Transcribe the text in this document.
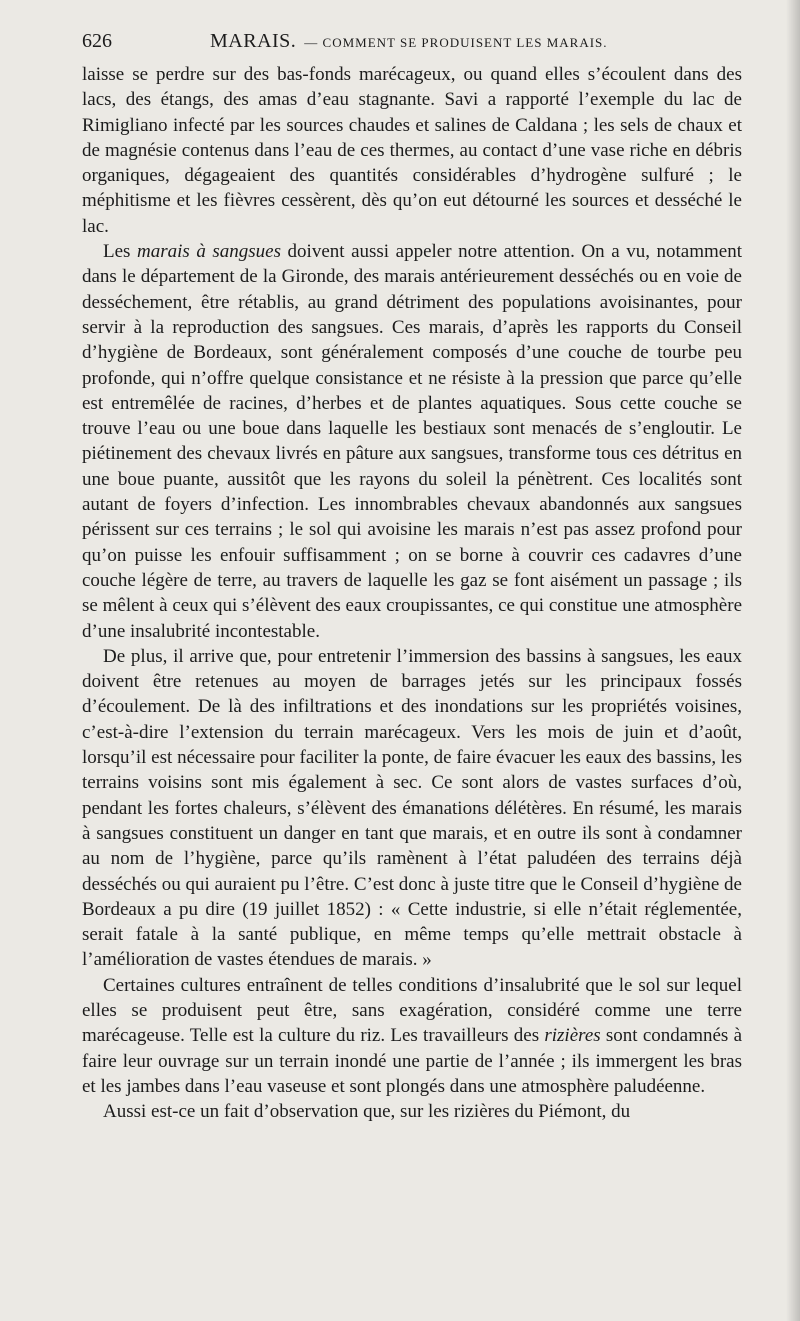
626	MARAIS. — COMMENT SE PRODUISENT LES MARAIS.

laisse se perdre sur des bas-fonds marécageux, ou quand elles s’écoulent dans des lacs, des étangs, des amas d’eau stagnante. Savi a rapporté l’exemple du lac de Rimigliano infecté par les sources chaudes et salines de Caldana ; les sels de chaux et de magnésie contenus dans l’eau de ces thermes, au contact d’une vase riche en débris organiques, dégageaient des quantités considérables d’hydrogène sulfuré ; le méphitisme et les fièvres cessèrent, dès qu’on eut détourné les sources et desséché le lac.

Les marais à sangsues doivent aussi appeler notre attention. On a vu, notamment dans le département de la Gironde, des marais antérieurement desséchés ou en voie de desséchement, être rétablis, au grand détriment des populations avoisinantes, pour servir à la reproduction des sangsues. Ces marais, d’après les rapports du Conseil d’hygiène de Bordeaux, sont généralement composés d’une couche de tourbe peu profonde, qui n’offre quelque consistance et ne résiste à la pression que parce qu’elle est entremêlée de racines, d’herbes et de plantes aquatiques. Sous cette couche se trouve l’eau ou une boue dans laquelle les bestiaux sont menacés de s’engloutir. Le piétinement des chevaux livrés en pâture aux sangsues, transforme tous ces détritus en une boue puante, aussitôt que les rayons du soleil la pénètrent. Ces localités sont autant de foyers d’infection. Les innombrables chevaux abandonnés aux sangsues périssent sur ces terrains ; le sol qui avoisine les marais n’est pas assez profond pour qu’on puisse les enfouir suffisamment ; on se borne à couvrir ces cadavres d’une couche légère de terre, au travers de laquelle les gaz se font aisément un passage ; ils se mêlent à ceux qui s’élèvent des eaux croupissantes, ce qui constitue une atmosphère d’une insalubrité incontestable.

De plus, il arrive que, pour entretenir l’immersion des bassins à sangsues, les eaux doivent être retenues au moyen de barrages jetés sur les principaux fossés d’écoulement. De là des infiltrations et des inondations sur les propriétés voisines, c’est-à-dire l’extension du terrain marécageux. Vers les mois de juin et d’août, lorsqu’il est nécessaire pour faciliter la ponte, de faire évacuer les eaux des bassins, les terrains voisins sont mis également à sec. Ce sont alors de vastes surfaces d’où, pendant les fortes chaleurs, s’élèvent des émanations délétères. En résumé, les marais à sangsues constituent un danger en tant que marais, et en outre ils sont à condamner au nom de l’hygiène, parce qu’ils ramènent à l’état paludéen des terrains déjà desséchés ou qui auraient pu l’être. C’est donc à juste titre que le Conseil d’hygiène de Bordeaux a pu dire (19 juillet 1852) : « Cette industrie, si elle n’était réglementée, serait fatale à la santé publique, en même temps qu’elle mettrait obstacle à l’amélioration de vastes étendues de marais. »

Certaines cultures entraînent de telles conditions d’insalubrité que le sol sur lequel elles se produisent peut être, sans exagération, considéré comme une terre marécageuse. Telle est la culture du riz. Les travailleurs des rizières sont condamnés à faire leur ouvrage sur un terrain inondé une partie de l’année ; ils immergent les bras et les jambes dans l’eau vaseuse et sont plongés dans une atmosphère paludéenne.

Aussi est-ce un fait d’observation que, sur les rizières du Piémont, du
